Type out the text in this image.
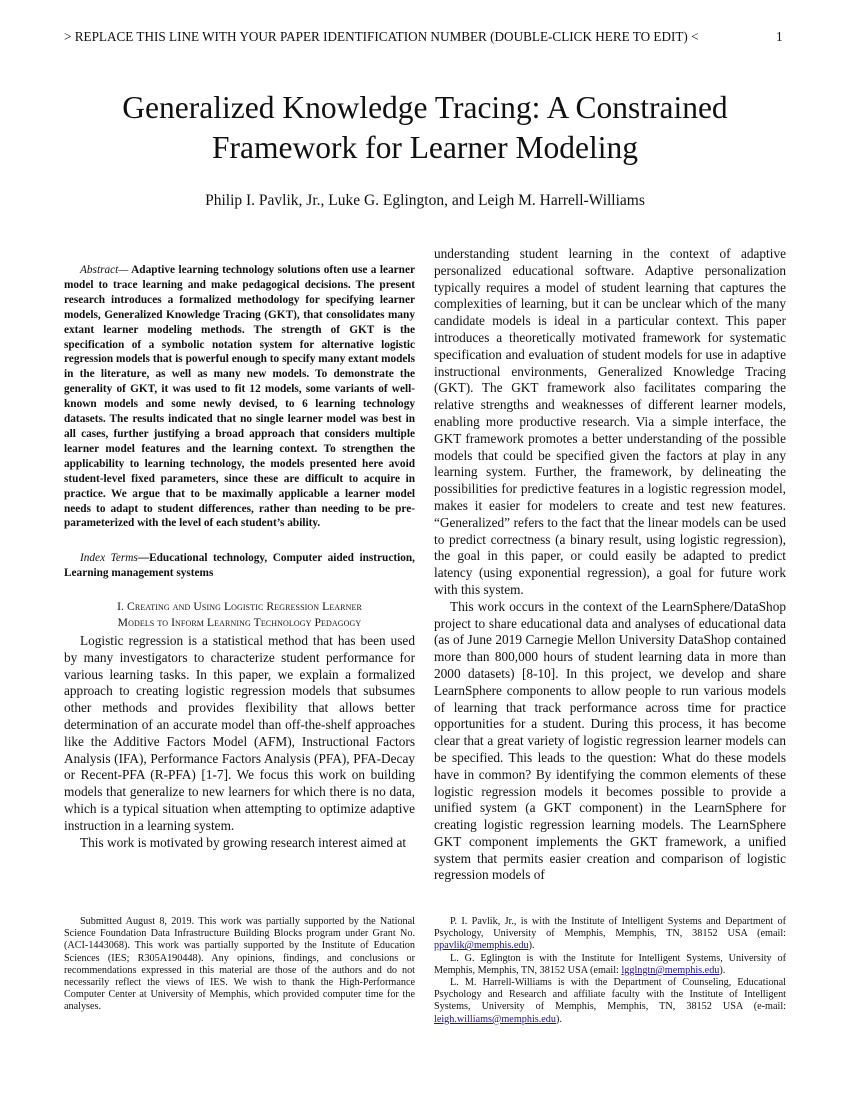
> REPLACE THIS LINE WITH YOUR PAPER IDENTIFICATION NUMBER (DOUBLE-CLICK HERE TO EDIT) <	1
Generalized Knowledge Tracing: A Constrained
Framework for Learner Modeling
Philip I. Pavlik, Jr., Luke G. Eglington, and Leigh M. Harrell-Williams

Abstract— Adaptive learning technology solutions often use a learner model to trace learning and make pedagogical decisions. The present research introduces a formalized methodology for specifying learner models, Generalized Knowledge Tracing (GKT), that consolidates many extant learner modeling methods. The strength of GKT is the specification of a symbolic notation system for alternative logistic regression models that is powerful enough to specify many extant models in the literature, as well as many new models. To demonstrate the generality of GKT, it was used to fit 12 models, some variants of well-known models and some newly devised, to 6 learning technology datasets. The results indicated that no single learner model was best in all cases, further justifying a broad approach that considers multiple learner model features and the learning context. To strengthen the applicability to learning technology, the models presented here avoid student-level fixed parameters, since these are difficult to acquire in practice. We argue that to be maximally applicable a learner model needs to adapt to student differences, rather than needing to be pre-parameterized with the level of each student’s ability.

Index Terms—Educational technology, Computer aided instruction, Learning management systems

I. Creating and Using Logistic Regression Learner
Models to Inform Learning Technology Pedagogy

Logistic regression is a statistical method that has been used by many investigators to characterize student performance for various learning tasks. In this paper, we explain a formalized approach to creating logistic regression models that subsumes other methods and provides flexibility that allows better determination of an accurate model than off-the-shelf approaches like the Additive Factors Model (AFM), Instructional Factors Analysis (IFA), Performance Factors Analysis (PFA), PFA-Decay or Recent-PFA (R-PFA) [1-7]. We focus this work on building models that generalize to new learners for which there is no data, which is a typical situation when attempting to optimize adaptive instruction in a learning system.

This work is motivated by growing research interest aimed at

understanding student learning in the context of adaptive personalized educational software. Adaptive personalization typically requires a model of student learning that captures the complexities of learning, but it can be unclear which of the many candidate models is ideal in a particular context. This paper introduces a theoretically motivated framework for systematic specification and evaluation of student models for use in adaptive instructional environments, Generalized Knowledge Tracing (GKT). The GKT framework also facilitates comparing the relative strengths and weaknesses of different learner models, enabling more productive research. Via a simple interface, the GKT framework promotes a better understanding of the possible models that could be specified given the factors at play in any learning system. Further, the framework, by delineating the possibilities for predictive features in a logistic regression model, makes it easier for modelers to create and test new features. “Generalized” refers to the fact that the linear models can be used to predict correctness (a binary result, using logistic regression), the goal in this paper, or could easily be adapted to predict latency (using exponential regression), a goal for future work with this system.

This work occurs in the context of the LearnSphere/DataShop project to share educational data and analyses of educational data (as of June 2019 Carnegie Mellon University DataShop contained more than 800,000 hours of student learning data in more than 2000 datasets) [8-10]. In this project, we develop and share LearnSphere components to allow people to run various models of learning that track performance across time for practice opportunities for a student. During this process, it has become clear that a great variety of logistic regression learner models can be specified. This leads to the question: What do these models have in common? By identifying the common elements of these logistic regression models it becomes possible to provide a unified system (a GKT component) in the LearnSphere for creating logistic regression learning models. The LearnSphere GKT component implements the GKT framework, a unified system that permits easier creation and comparison of logistic regression models of

Submitted August 8, 2019. This work was partially supported by the National Science Foundation Data Infrastructure Building Blocks program under Grant No. (ACI-1443068). This work was partially supported by the Institute of Education Sciences (IES; R305A190448). Any opinions, findings, and conclusions or recommendations expressed in this material are those of the authors and do not necessarily reflect the views of IES. We wish to thank the High-Performance Computer Center at University of Memphis, which provided computer time for the analyses.

P. I. Pavlik, Jr., is with the Institute of Intelligent Systems and Department of Psychology, University of Memphis, Memphis, TN, 38152 USA (email: ppavlik@memphis.edu).

L. G. Eglington is with the Institute for Intelligent Systems, University of Memphis, Memphis, TN, 38152 USA (email: lgglngtn@memphis.edu).

L. M. Harrell-Williams is with the Department of Counseling, Educational Psychology and Research and affiliate faculty with the Institute of Intelligent Systems, University of Memphis, Memphis, TN, 38152 USA (e-mail: leigh.williams@memphis.edu).
